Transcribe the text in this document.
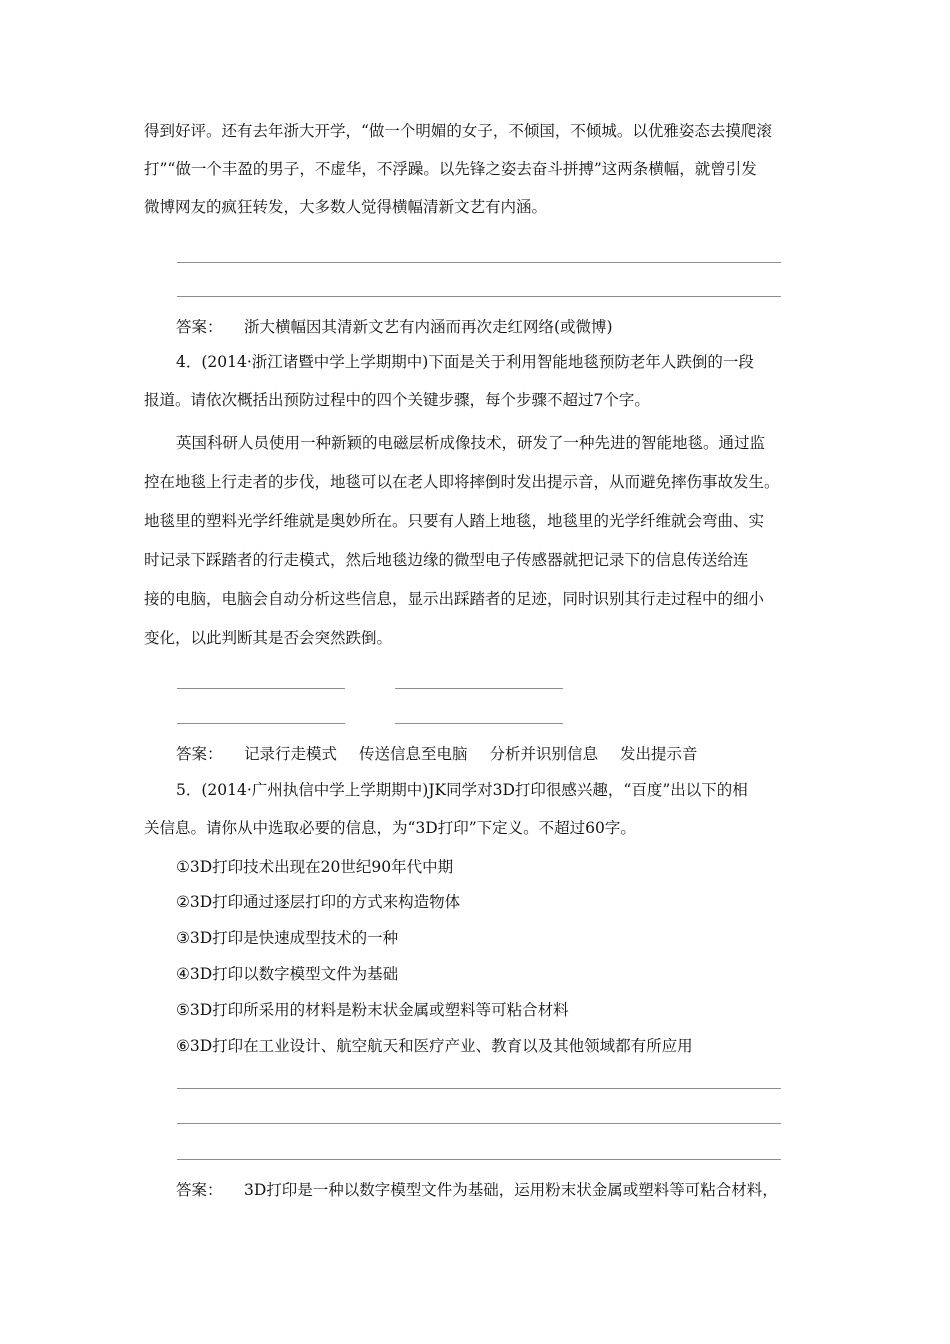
得到好评。还有去年浙大开学，“做一个明媚的女子，不倾国，不倾城。以优雅姿态去摸爬滚
打”“做一个丰盈的男子，不虚华，不浮躁。以先锋之姿去奋斗拼搏”这两条横幅，就曾引发
微博网友的疯狂转发，大多数人觉得横幅清新文艺有内涵。
答案： 浙大横幅因其清新文艺有内涵而再次走红网络(或微博)
4．(2014·浙江诸暨中学上学期期中)下面是关于利用智能地毯预防老年人跌倒的一段
报道。请依次概括出预防过程中的四个关键步骤，每个步骤不超过7个字。
英国科研人员使用一种新颖的电磁层析成像技术，研发了一种先进的智能地毯。通过监
控在地毯上行走者的步伐，地毯可以在老人即将摔倒时发出提示音，从而避免摔伤事故发生。
地毯里的塑料光学纤维就是奥妙所在。只要有人踏上地毯，地毯里的光学纤维就会弯曲、实
时记录下踩踏者的行走模式，然后地毯边缘的微型电子传感器就把记录下的信息传送给连
接的电脑，电脑会自动分析这些信息，显示出踩踏者的足迹，同时识别其行走过程中的细小
变化，以此判断其是否会突然跌倒。
答案： 记录行走模式 传送信息至电脑 分析并识别信息 发出提示音
5．(2014·广州执信中学上学期期中)JK同学对3D打印很感兴趣，“百度”出以下的相
关信息。请你从中选取必要的信息，为“3D打印”下定义。不超过60字。
①3D打印技术出现在20世纪90年代中期
②3D打印通过逐层打印的方式来构造物体
③3D打印是快速成型技术的一种
④3D打印以数字模型文件为基础
⑤3D打印所采用的材料是粉末状金属或塑料等可粘合材料
⑥3D打印在工业设计、航空航天和医疗产业、教育以及其他领域都有所应用
答案： 3D打印是一种以数字模型文件为基础，运用粉末状金属或塑料等可粘合材料，
